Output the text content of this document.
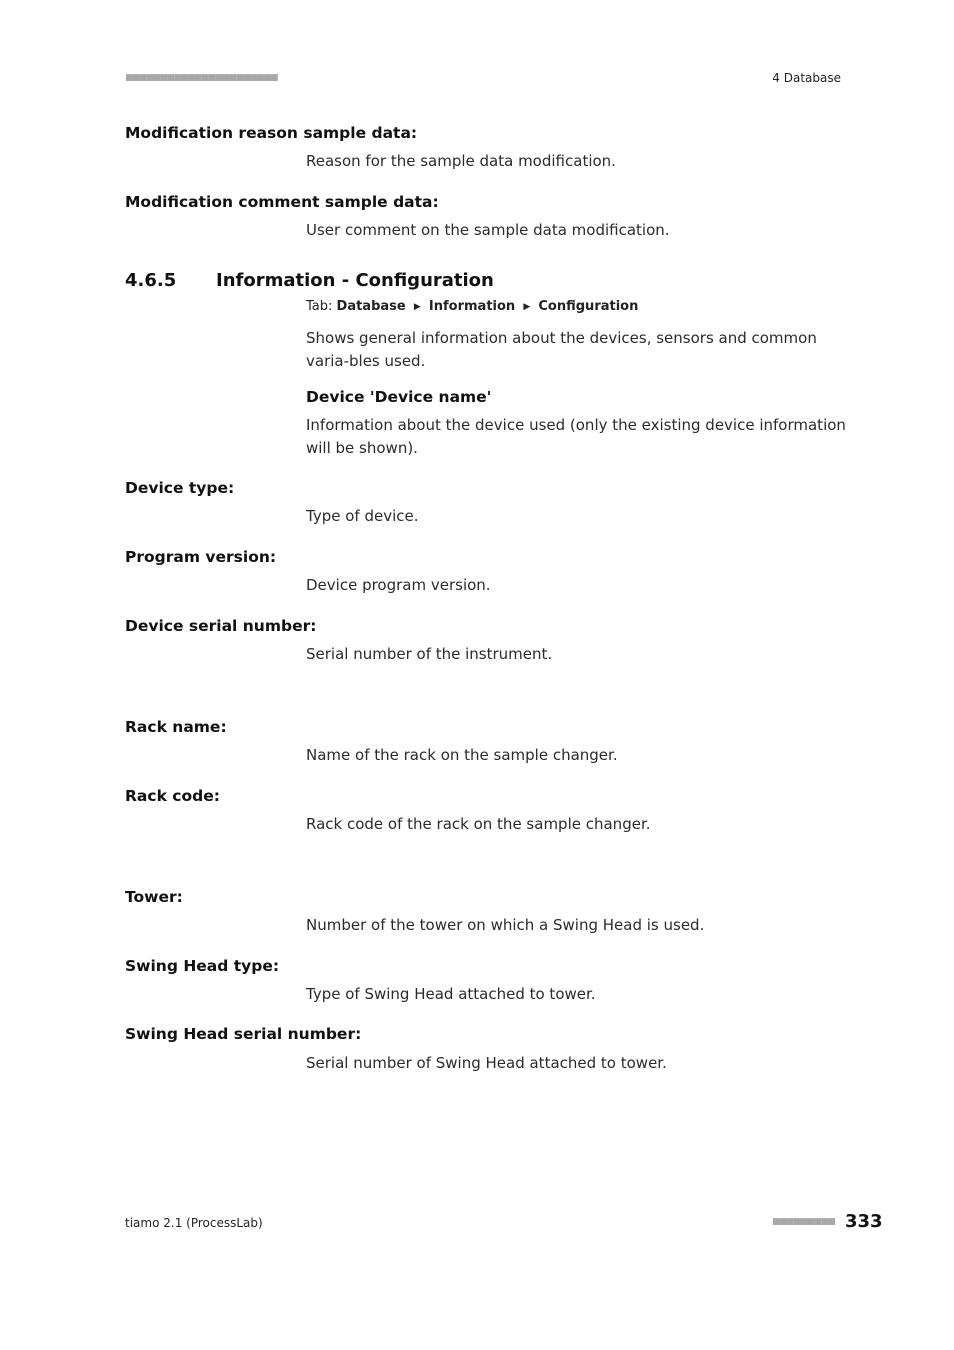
■■■■■■■■■■■■■■■■■■■■■■	4 Database
Modification reason sample data:
Reason for the sample data modification.
Modification comment sample data:
User comment on the sample data modification.
4.6.5 Information - Configuration
Tab: Database ▶ Information ▶ Configuration
Shows general information about the devices, sensors and common varia-bles used.
Device 'Device name'
Information about the device used (only the existing device information will be shown).
Device type:
Type of device.
Program version:
Device program version.
Device serial number:
Serial number of the instrument.
Rack name:
Name of the rack on the sample changer.
Rack code:
Rack code of the rack on the sample changer.
Tower:
Number of the tower on which a Swing Head is used.
Swing Head type:
Type of Swing Head attached to tower.
Swing Head serial number:
Serial number of Swing Head attached to tower.
tiamo 2.1 (ProcessLab)	■■■■■■■■■ 333
